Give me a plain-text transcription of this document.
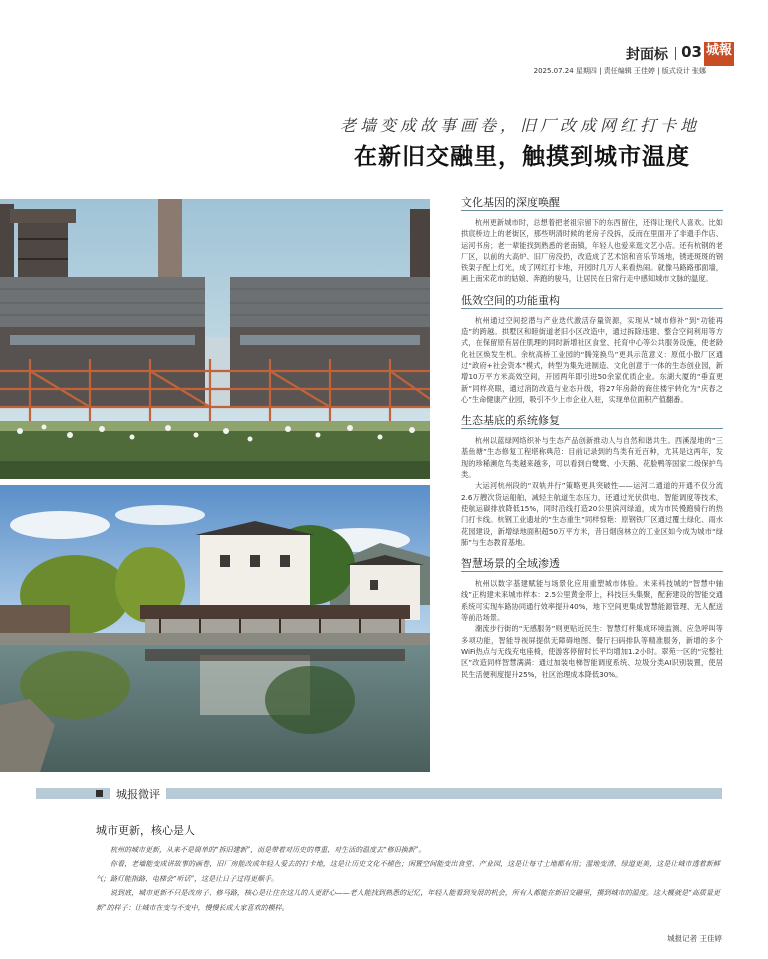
封面标 03 城報
METRO
2025.07.24 星期四 | 责任编辑 王佳婷 | 版式设计 张娜
老墙变成故事画卷，旧厂改成网红打卡地
在新旧交融里，触摸到城市温度
文化基因的深度唤醒

杭州更新城市时，总想着把老祖宗留下的东西留住，还得让现代人喜欢。比如拱宸桥边上的老街区，那些明清时候的老房子没拆，反而在里面开了非遗手作店、运河书房；老一辈能找到熟悉的老南镇，年轻人也爱来逛文艺小店。还有杭钢的老厂区，以前的大高炉、旧厂房没扔，改造成了艺术馆和音乐节场地，锈迹斑斑的钢铁架子配上灯光，成了网红打卡地，开园时几万人来看热闹。就像马路路那面墙，画上南宋花市的姑娘、奔跑的骏马，让居民在日常行走中感知城市文脉的温度。

低效空间的功能重构

杭州通过空间挖潜与产业迭代激活存量资源，实现从“城市修补”到“功能再造”的跨越。拱墅区和睦街道老旧小区改造中，通过拆除违建、整合空间利用等方式，在保留原有居住肌理的同时新增社区食堂、托育中心等公共服务设施，使老龄化社区焕发生机。余杭高桥工业园的“腾笼换鸟”更具示范意义：原低小散厂区通过“政府+社会资本”模式，转型为集先进制造、文化创意于一体的生态创业园，新增10万平方米高效空间，开园两年即引进50余家优质企业。东湖大厦的“垂直更新”同样亮眼，通过消防改造与业态升级，将27年房龄的商住楼宇转化为“庆春之心”生命健康产业园，吸引不少上市企业入驻，实现单位面积产值翻番。

生态基底的系统修复

杭州以蓝绿网络织补与生态产品创新推动人与自然和谐共生。西溪湿地的“三基鱼塘”生态修复工程堪称典范：目前记录到的鸟类有近百种，尤其是这两年，发现的珍稀濒危鸟类越来越多，可以看到白鹭鹭、小天鹅、花脸鸭等国家二级保护鸟类。

大运河杭州段的“双轨并行”策略更具突破性——运河二通道的开通不仅分流2.6万艘次货运船舶，减轻主航道生态压力，还通过光伏供电、智能调度等技术，使航运碳排放降低15%，同时沿线打造20公里滨河绿道，成为市民慢跑骑行的热门打卡线。杭钢工业遗址的“生态重生”同样惊艳：原钢铁厂区通过覆土绿化、雨水花园建设，新增绿地面积超50万平方米，昔日烟囱林立的工业区如今成为城市“绿肺”与生态教育基地。

智慧场景的全域渗透

杭州以数字基建赋能与场景化应用重塑城市体验。未来科技城的“智慧中轴线”正构建未来城市样本：2.5公里黄金带上，科技巨头集聚，配套建设的智能交通系统可实现车路协同通行效率提升40%，地下空间更集成智慧能源管理、无人配送等前沿场景。

潮流步行街的“无感服务”则更贴近民生：智慧灯杆集成环境监测、应急呼叫等多项功能，智能导视屏提供无障碍地图、餐厅扫码排队等精准服务，新增的多个WiFi热点与无线充电座椅，使游客停留时长平均增加1.2小时。翠苑一区的“完整社区”改造同样智慧满满：通过加装电梯智能调度系统、垃圾分类AI识别装置，使居民生活便利度提升25%，社区治理成本降低30%。

城报微评
城市更新，核心是人

杭州的城市更新，从来不是简单的“拆旧建新”，而是带着对历史的尊重、对生活的温度去“修旧换新”。

你看，老墙能变成讲故事的画卷，旧厂房能改成年轻人爱去的打卡地，这是让历史文化不褪色；闲置空间能变出食堂、产业园，这是让每寸土地都有用；湿地变清、绿道更美，这是让城市透着新鲜气；路灯能指路、电梯会“听话”，这是让日子过得更顺手。

说到底，城市更新不只是改房子、修马路，核心是让住在这儿的人更舒心——老人能找到熟悉的记忆，年轻人能看到发展的机会，所有人都能在新旧交融里，摸到城市的温度。这大概就是“高质量更新”的样子：让城市在变与不变中，慢慢长成大家喜欢的模样。

城报记者 王佳婷
